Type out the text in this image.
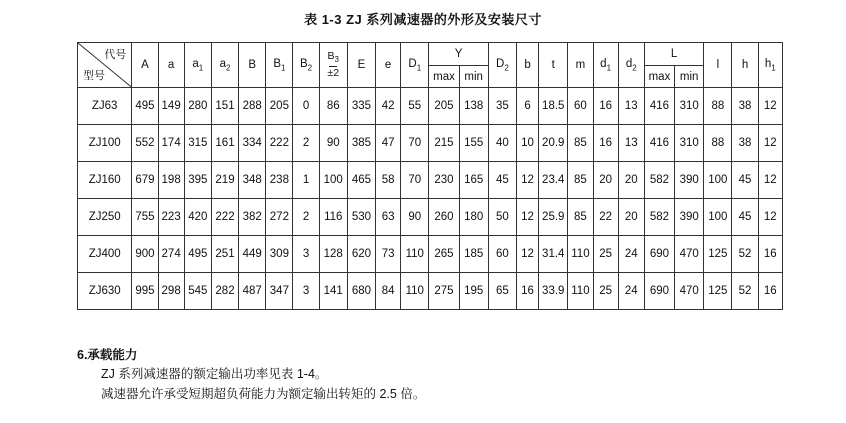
表 1-3 ZJ 系列减速器的外形及安装尺寸
代号
型号	A	a	$a_1$	$a_2$	B	$B_1$	$B_2$	$\frac{B_3}{\pm 2}$	E	e	$D_1$	Y		$D_2$	b	t	m	$d_1$	$d_2$	L		l	h	$h_1$
												max	min							max	min			
ZJ63	495	149	280	151	288	205	0	86	335	42	55	205	138	35	6	18.5	60	16	13	416	310	88	38	12
ZJ100	552	174	315	161	334	222	2	90	385	47	70	215	155	40	10	20.9	85	16	13	416	310	88	38	12
ZJ160	679	198	395	219	348	238	1	100	465	58	70	230	165	45	12	23.4	85	20	20	582	390	100	45	12
ZJ250	755	223	420	222	382	272	2	116	530	63	90	260	180	50	12	25.9	85	22	20	582	390	100	45	12
ZJ400	900	274	495	251	449	309	3	128	620	73	110	265	185	60	12	31.4	110	25	24	690	470	125	52	16
ZJ630	995	298	545	282	487	347	3	141	680	84	110	275	195	65	16	33.9	110	25	24	690	470	125	52	16
6.承载能力
ZJ 系列减速器的额定输出功率见表 1-4。
减速器允许承受短期超负荷能力为额定输出转矩的 2.5 倍。
